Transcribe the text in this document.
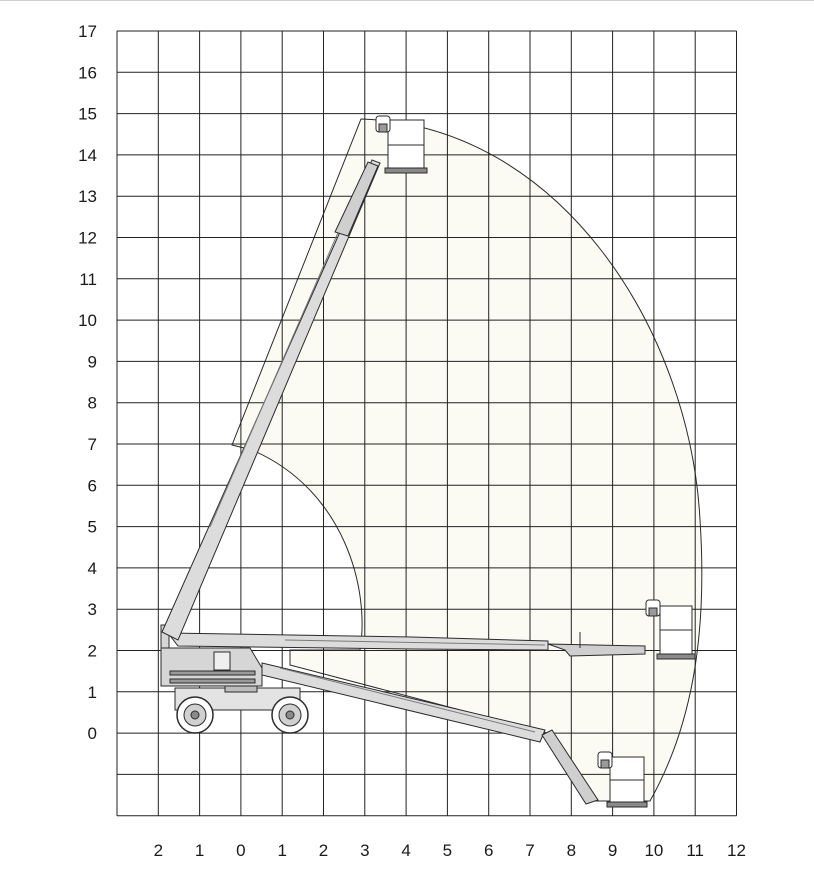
17
16
15
14
13
12
11
10
9
8
7
6
5
4
3
2
1
0
2 1 0 1 2 3 4 5 6 7 8 9 10 11 12
